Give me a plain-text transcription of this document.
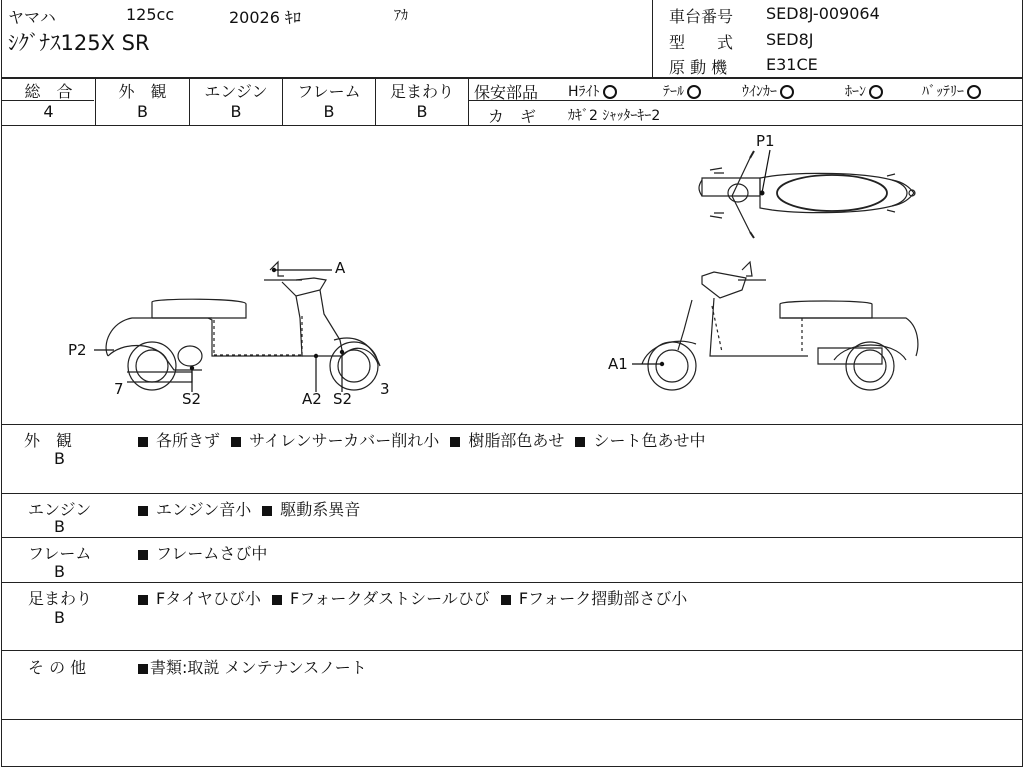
ヤマハ	125cc	20026 ｷﾛ	ｱｶ
ｼｸﾞﾅｽ125X SR
車台番号 SED8J-009064
型　　式 SED8J
原 動 機 E31CE
総　合	外　観	エンジン	フレーム	足まわり
4	B	B	B	B
保安部品 Hﾗｲﾄ	ﾃｰﾙ	ｳｲﾝｶｰ	ﾎｰﾝ	ﾊﾞｯﾃﾘｰ
カ　ギ ｶｷﾞ2 ｼｬｯﾀｰｷｰ2
A
P1
P2
7
S2	A2 S2
3
A1
外　観
B
各所きず サイレンサーカバー削れ小 樹脂部色あせ シート色あせ中
エンジン
B
エンジン音小 駆動系異音
フレーム
B
フレームさび中
足まわり
B
Fタイヤひび小 Fフォークダストシールひび Fフォーク摺動部さび小
そ の 他	書類:取説 メンテナンスノート
